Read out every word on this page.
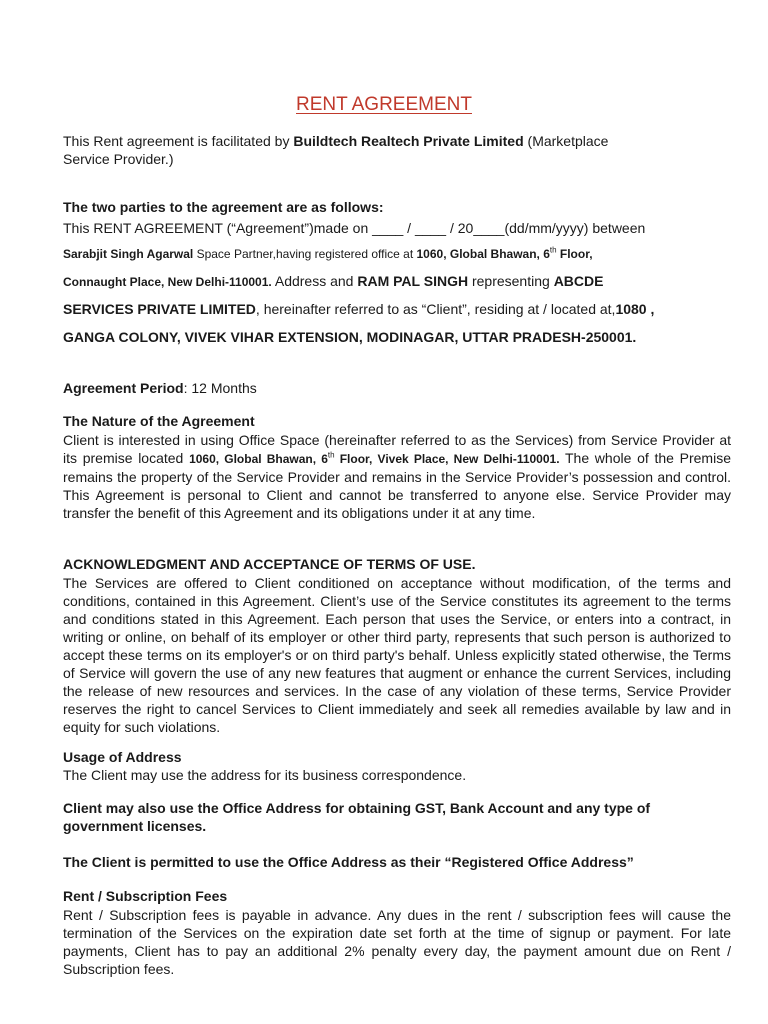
RENT AGREEMENT
This Rent agreement is facilitated by Buildtech Realtech Private Limited (Marketplace
Service Provider.)
The two parties to the agreement are as follows:
This RENT AGREEMENT (“Agreement”)made on ____ / ____ / 20____(dd/mm/yyyy) between
Sarabjit Singh Agarwal Space Partner,having registered office at 1060, Global Bhawan, 6th Floor,
Connaught Place, New Delhi-110001. Address and RAM PAL SINGH representing ABCDE
SERVICES PRIVATE LIMITED, hereinafter referred to as “Client”, residing at / located at,1080 ,
GANGA COLONY, VIVEK VIHAR EXTENSION, MODINAGAR, UTTAR PRADESH-250001.
Agreement Period: 12 Months
The Nature of the Agreement
Client is interested in using Office Space (hereinafter referred to as the Services) from Service Provider at its premise located 1060, Global Bhawan, 6th Floor, Vivek Place, New Delhi-110001. The whole of the Premise remains the property of the Service Provider and remains in the Service Provider’s possession and control. This Agreement is personal to Client and cannot be transferred to anyone else. Service Provider may transfer the benefit of this Agreement and its obligations under it at any time.
ACKNOWLEDGMENT AND ACCEPTANCE OF TERMS OF USE.
The Services are offered to Client conditioned on acceptance without modification, of the terms and conditions, contained in this Agreement. Client’s use of the Service constitutes its agreement to the terms and conditions stated in this Agreement. Each person that uses the Service, or enters into a contract, in writing or online, on behalf of its employer or other third party, represents that such person is authorized to accept these terms on its employer's or on third party's behalf. Unless explicitly stated otherwise, the Terms of Service will govern the use of any new features that augment or enhance the current Services, including the release of new resources and services. In the case of any violation of these terms, Service Provider reserves the right to cancel Services to Client immediately and seek all remedies available by law and in equity for such violations.
Usage of Address
The Client may use the address for its business correspondence.
Client may also use the Office Address for obtaining GST, Bank Account and any type of government licenses.
The Client is permitted to use the Office Address as their “Registered Office Address”
Rent / Subscription Fees
Rent / Subscription fees is payable in advance. Any dues in the rent / subscription fees will cause the termination of the Services on the expiration date set forth at the time of signup or payment. For late payments, Client has to pay an additional 2% penalty every day, the payment amount due on Rent / Subscription fees.
